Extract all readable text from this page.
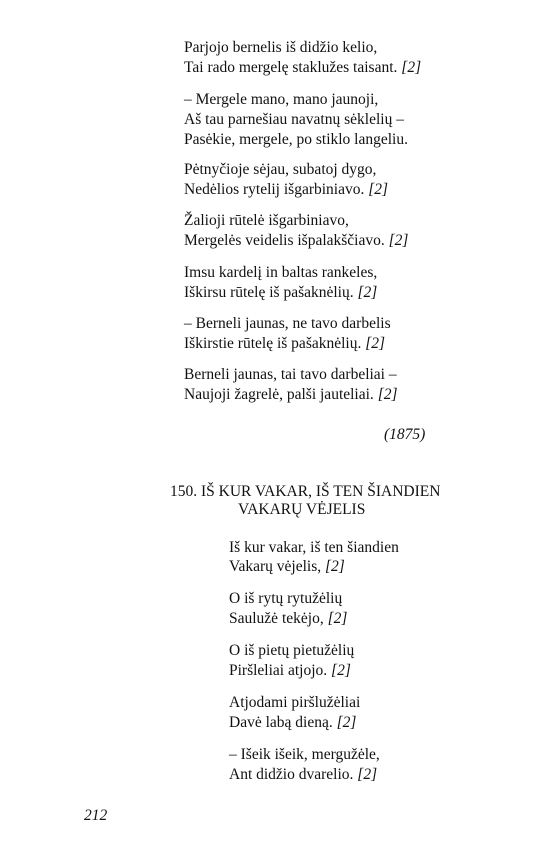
Parjojo bernelis iš didžio kelio,
Tai rado mergelę staklužes taisant. [2]
– Mergele mano, mano jaunoji,
Aš tau parnešiau navatnų sėklelių –
Pasėkie, mergele, po stiklo langeliu.
Pėtnyčioje sėjau, subatoj dygo,
Nedėlios rytelij išgarbiniavo. [2]
Žalioji rūtelė išgarbiniavo,
Mergelės veidelis išpalakščiavo. [2]
Imsu kardelį in baltas rankeles,
Iškirsu rūtelę iš pašaknėlių. [2]
– Berneli jaunas, ne tavo darbelis
Iškirstie rūtelę iš pašaknėlių. [2]
Berneli jaunas, tai tavo darbeliai –
Naujoji žagrelė, palši jauteliai. [2]
(1875)
150. IŠ KUR VAKAR, IŠ TEN ŠIANDIEN
VAKARŲ VĖJELIS
Iš kur vakar, iš ten šiandien
Vakarų vėjelis, [2]
O iš rytų rytužėlių
Saulužė tekėjo, [2]
O iš pietų pietužėlių
Piršleliai atjojo. [2]
Atjodami piršlužėliai
Davė labą dieną. [2]
– Išeik išeik, mergužėle,
Ant didžio dvarelio. [2]
212
